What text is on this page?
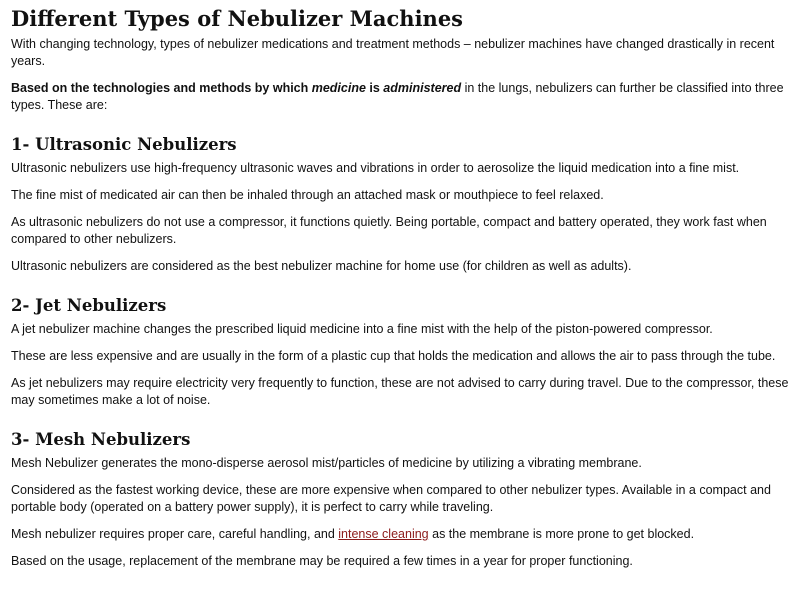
Different Types of Nebulizer Machines

With changing technology, types of nebulizer medications and treatment methods – nebulizer machines have changed drastically in recent years.

Based on the technologies and methods by which medicine is administered in the lungs, nebulizers can further be classified into three types. These are:

1- Ultrasonic Nebulizers

Ultrasonic nebulizers use high-frequency ultrasonic waves and vibrations in order to aerosolize the liquid medication into a fine mist.

The fine mist of medicated air can then be inhaled through an attached mask or mouthpiece to feel relaxed.

As ultrasonic nebulizers do not use a compressor, it functions quietly. Being portable, compact and battery operated, they work fast when compared to other nebulizers.

Ultrasonic nebulizers are considered as the best nebulizer machine for home use (for children as well as adults).

2- Jet Nebulizers

A jet nebulizer machine changes the prescribed liquid medicine into a fine mist with the help of the piston-powered compressor.

These are less expensive and are usually in the form of a plastic cup that holds the medication and allows the air to pass through the tube.

As jet nebulizers may require electricity very frequently to function, these are not advised to carry during travel. Due to the compressor, these may sometimes make a lot of noise.

3- Mesh Nebulizers

Mesh Nebulizer generates the mono-disperse aerosol mist/particles of medicine by utilizing a vibrating membrane.

Considered as the fastest working device, these are more expensive when compared to other nebulizer types. Available in a compact and portable body (operated on a battery power supply), it is perfect to carry while traveling.

Mesh nebulizer requires proper care, careful handling, and intense cleaning as the membrane is more prone to get blocked.

Based on the usage, replacement of the membrane may be required a few times in a year for proper functioning.
